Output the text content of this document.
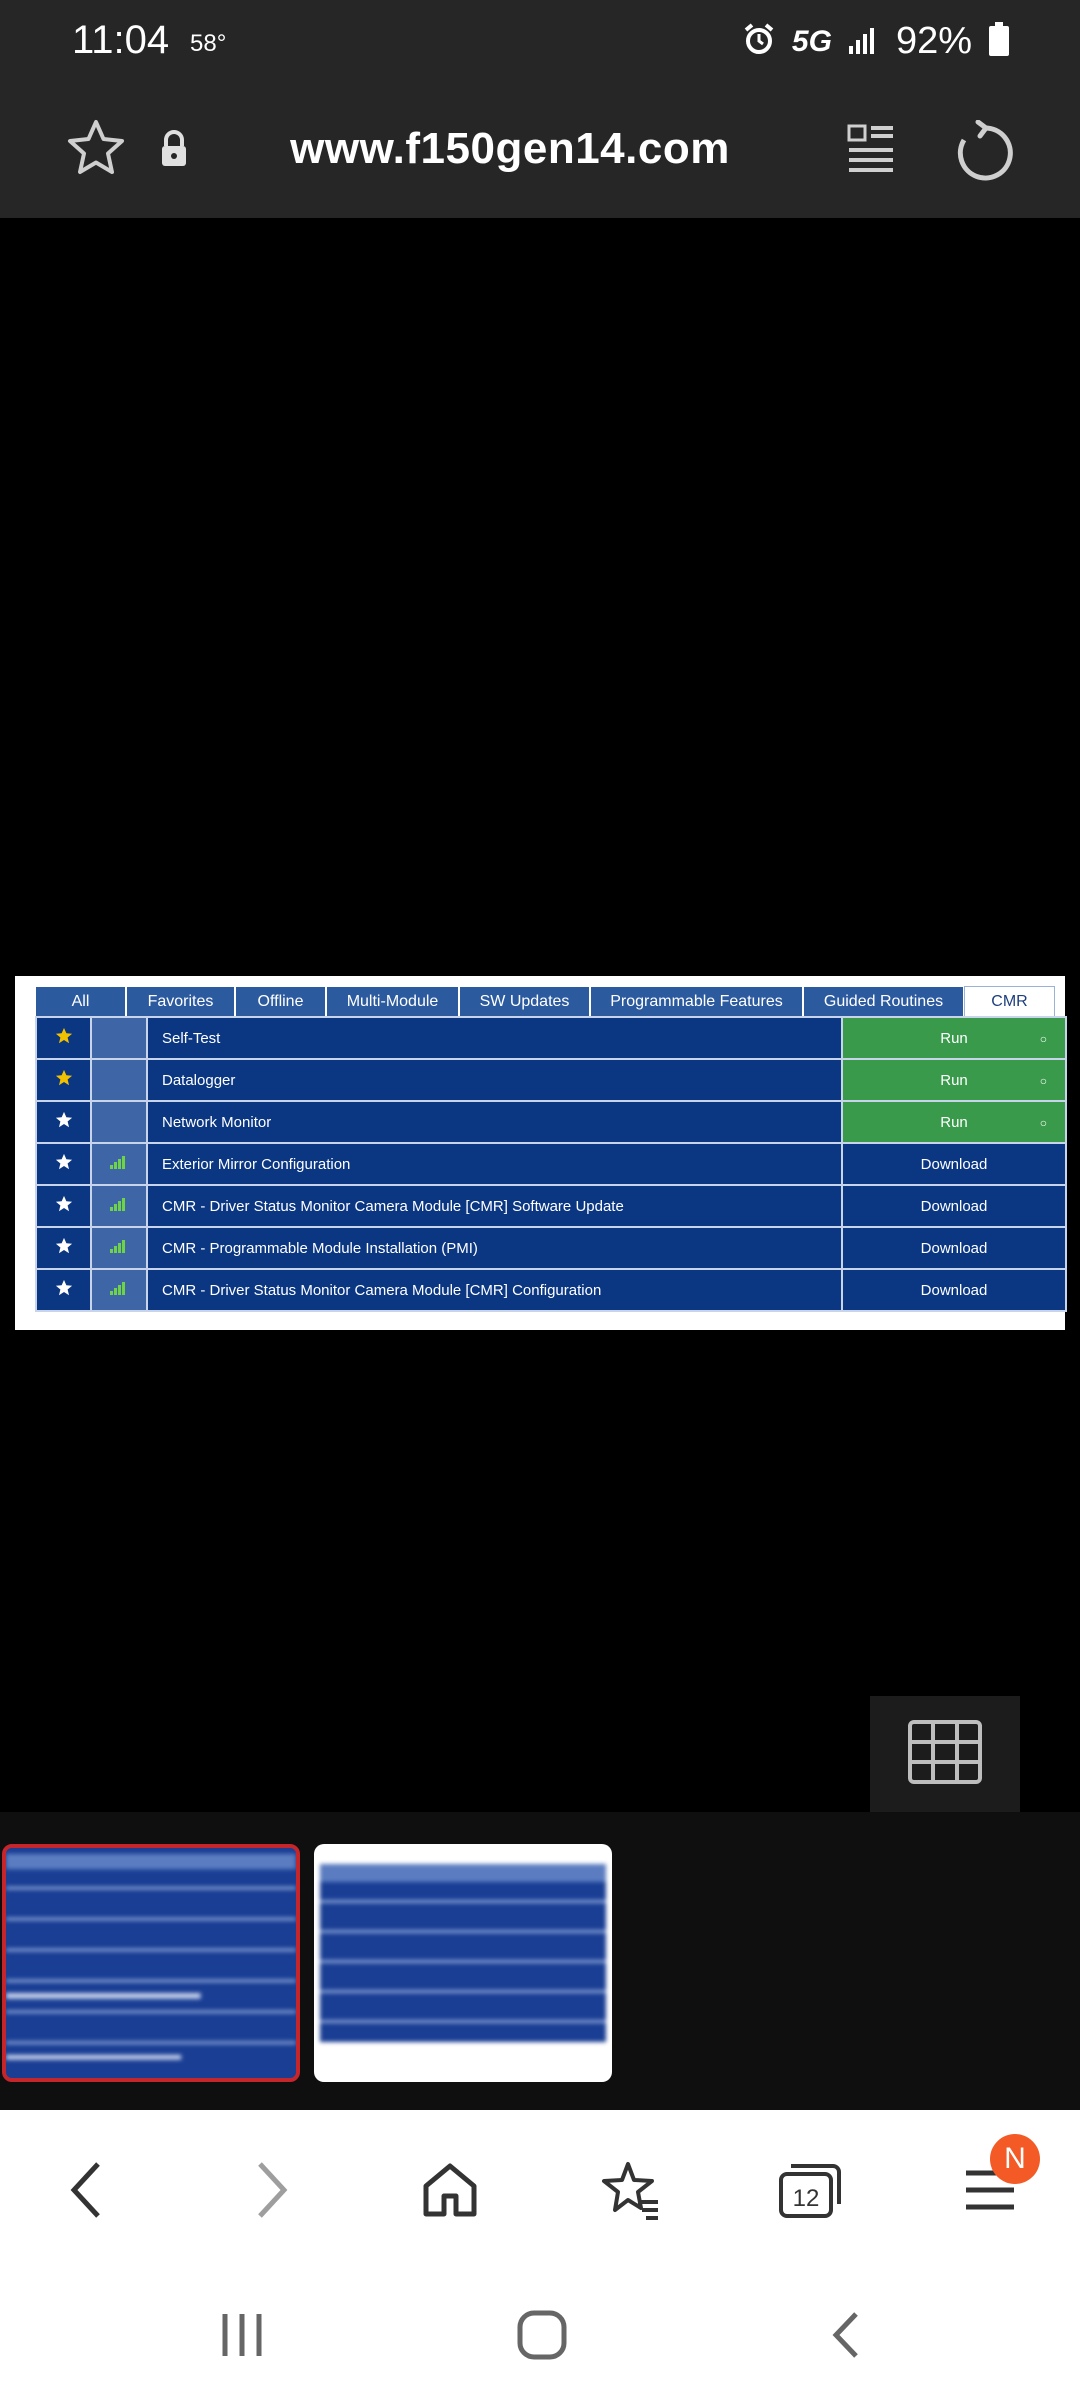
11:04 58°	5G 92%
www.f150gen14.com
All	Favorites	Offline	Multi-Module	SW Updates	Programmable Features	Guided Routines	CMR
		Self-Test	Run ○

		Datalogger	Run ○

		Network Monitor	Run ○

		Exterior Mirror Configuration	Download
		CMR - Driver Status Monitor Camera Module [CMR] Software Update	Download
		CMR - Programmable Module Installation (PMI)	Download
		CMR - Driver Status Monitor Camera Module [CMR] Configuration	Download
12
N
